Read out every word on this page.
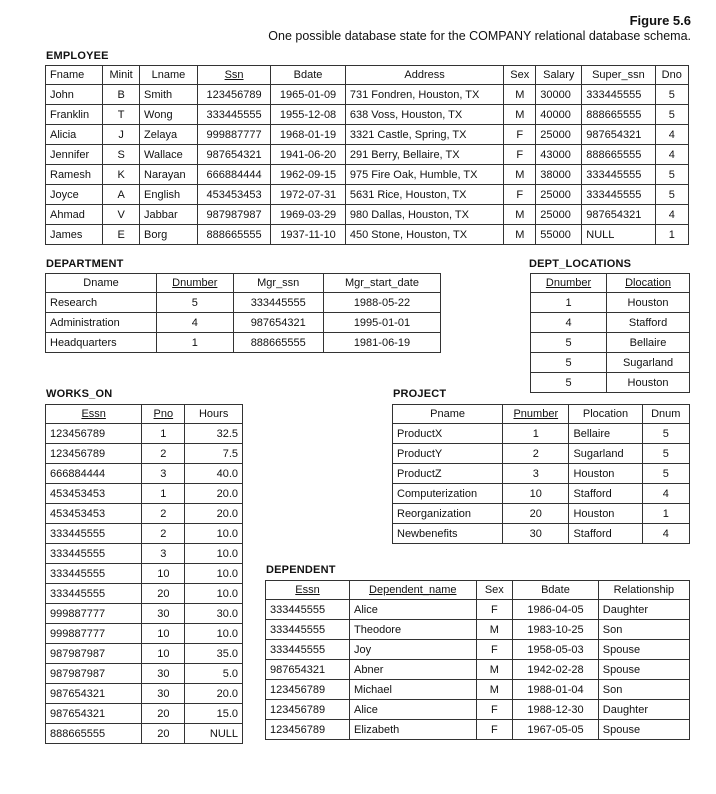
Figure 5.6
One possible database state for the COMPANY relational database schema.
EMPLOYEE
Fname	Minit	Lname	Ssn	Bdate	Address	Sex	Salary	Super_ssn	Dno
John	B	Smith	123456789	1965-01-09	731 Fondren, Houston, TX	M	30000	333445555	5
Franklin	T	Wong	333445555	1955-12-08	638 Voss, Houston, TX	M	40000	888665555	5
Alicia	J	Zelaya	999887777	1968-01-19	3321 Castle, Spring, TX	F	25000	987654321	4
Jennifer	S	Wallace	987654321	1941-06-20	291 Berry, Bellaire, TX	F	43000	888665555	4
Ramesh	K	Narayan	666884444	1962-09-15	975 Fire Oak, Humble, TX	M	38000	333445555	5
Joyce	A	English	453453453	1972-07-31	5631 Rice, Houston, TX	F	25000	333445555	5
Ahmad	V	Jabbar	987987987	1969-03-29	980 Dallas, Houston, TX	M	25000	987654321	4
James	E	Borg	888665555	1937-11-10	450 Stone, Houston, TX	M	55000	NULL	1
DEPARTMENT
Dname	Dnumber	Mgr_ssn	Mgr_start_date
Research	5	333445555	1988-05-22
Administration	4	987654321	1995-01-01
Headquarters	1	888665555	1981-06-19
DEPT_LOCATIONS
Dnumber	Dlocation
1	Houston
4	Stafford
5	Bellaire
5	Sugarland
5	Houston
WORKS_ON
Essn	Pno	Hours
123456789	1	32.5
123456789	2	7.5
666884444	3	40.0
453453453	1	20.0
453453453	2	20.0
333445555	2	10.0
333445555	3	10.0
333445555	10	10.0
333445555	20	10.0
999887777	30	30.0
999887777	10	10.0
987987987	10	35.0
987987987	30	5.0
987654321	30	20.0
987654321	20	15.0
888665555	20	NULL
PROJECT
Pname	Pnumber	Plocation	Dnum
ProductX	1	Bellaire	5
ProductY	2	Sugarland	5
ProductZ	3	Houston	5
Computerization	10	Stafford	4
Reorganization	20	Houston	1
Newbenefits	30	Stafford	4
DEPENDENT
Essn	Dependent_name	Sex	Bdate	Relationship
333445555	Alice	F	1986-04-05	Daughter
333445555	Theodore	M	1983-10-25	Son
333445555	Joy	F	1958-05-03	Spouse
987654321	Abner	M	1942-02-28	Spouse
123456789	Michael	M	1988-01-04	Son
123456789	Alice	F	1988-12-30	Daughter
123456789	Elizabeth	F	1967-05-05	Spouse
